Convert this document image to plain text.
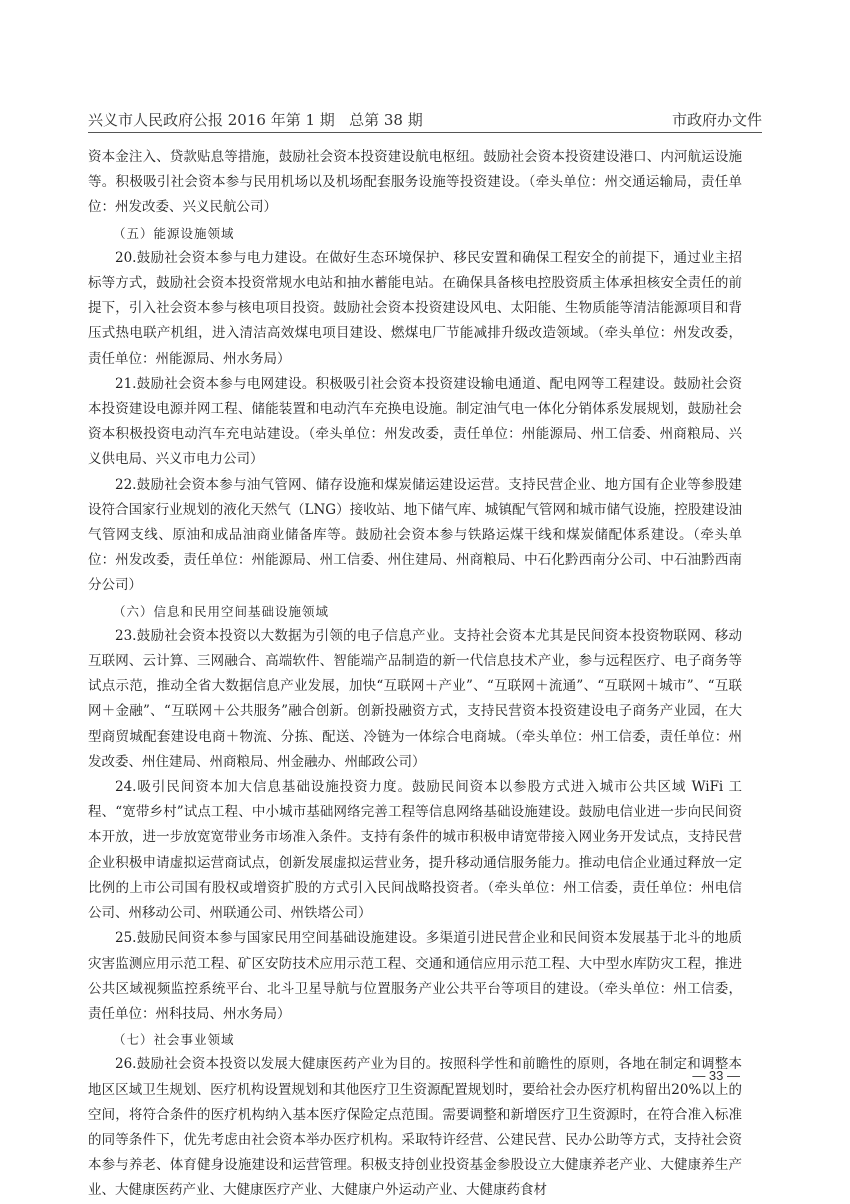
兴义市人民政府公报 2016 年第 1 期   总第 38 期	市政府办文件

资本金注入、贷款贴息等措施，鼓励社会资本投资建设航电枢纽。鼓励社会资本投资建设港口、内河航运设施等。积极吸引社会资本参与民用机场以及机场配套服务设施等投资建设。（牵头单位：州交通运输局，责任单位：州发改委、兴义民航公司）

（五）能源设施领域

20.鼓励社会资本参与电力建设。在做好生态环境保护、移民安置和确保工程安全的前提下，通过业主招标等方式，鼓励社会资本投资常规水电站和抽水蓄能电站。在确保具备核电控股资质主体承担核安全责任的前提下，引入社会资本参与核电项目投资。鼓励社会资本投资建设风电、太阳能、生物质能等清洁能源项目和背压式热电联产机组，进入清洁高效煤电项目建设、燃煤电厂节能减排升级改造领域。（牵头单位：州发改委，责任单位：州能源局、州水务局）

21.鼓励社会资本参与电网建设。积极吸引社会资本投资建设输电通道、配电网等工程建设。鼓励社会资本投资建设电源并网工程、储能装置和电动汽车充换电设施。制定油气电一体化分销体系发展规划，鼓励社会资本积极投资电动汽车充电站建设。（牵头单位：州发改委，责任单位：州能源局、州工信委、州商粮局、兴义供电局、兴义市电力公司）

22.鼓励社会资本参与油气管网、储存设施和煤炭储运建设运营。支持民营企业、地方国有企业等参股建设符合国家行业规划的液化天然气（LNG）接收站、地下储气库、城镇配气管网和城市储气设施，控股建设油气管网支线、原油和成品油商业储备库等。鼓励社会资本参与铁路运煤干线和煤炭储配体系建设。（牵头单位：州发改委，责任单位：州能源局、州工信委、州住建局、州商粮局、中石化黔西南分公司、中石油黔西南分公司）

（六）信息和民用空间基础设施领域

23.鼓励社会资本投资以大数据为引领的电子信息产业。支持社会资本尤其是民间资本投资物联网、移动互联网、云计算、三网融合、高端软件、智能端产品制造的新一代信息技术产业，参与远程医疗、电子商务等试点示范，推动全省大数据信息产业发展，加快“互联网＋产业”、“互联网＋流通”、“互联网＋城市”、“互联网＋金融”、“互联网＋公共服务”融合创新。创新投融资方式，支持民营资本投资建设电子商务产业园，在大型商贸城配套建设电商＋物流、分拣、配送、冷链为一体综合电商城。（牵头单位：州工信委，责任单位：州发改委、州住建局、州商粮局、州金融办、州邮政公司）

24.吸引民间资本加大信息基础设施投资力度。鼓励民间资本以参股方式进入城市公共区域 WiFi 工程、“宽带乡村”试点工程、中小城市基础网络完善工程等信息网络基础设施建设。鼓励电信业进一步向民间资本开放，进一步放宽宽带业务市场准入条件。支持有条件的城市积极申请宽带接入网业务开发试点，支持民营企业积极申请虚拟运营商试点，创新发展虚拟运营业务，提升移动通信服务能力。推动电信企业通过释放一定比例的上市公司国有股权或增资扩股的方式引入民间战略投资者。（牵头单位：州工信委，责任单位：州电信公司、州移动公司、州联通公司、州铁塔公司）

25.鼓励民间资本参与国家民用空间基础设施建设。多渠道引进民营企业和民间资本发展基于北斗的地质灾害监测应用示范工程、矿区安防技术应用示范工程、交通和通信应用示范工程、大中型水库防灾工程，推进公共区域视频监控系统平台、北斗卫星导航与位置服务产业公共平台等项目的建设。（牵头单位：州工信委，责任单位：州科技局、州水务局）

（七）社会事业领域

26.鼓励社会资本投资以发展大健康医药产业为目的。按照科学性和前瞻性的原则，各地在制定和调整本地区区域卫生规划、医疗机构设置规划和其他医疗卫生资源配置规划时，要给社会办医疗机构留出20%以上的空间，将符合条件的医疗机构纳入基本医疗保险定点范围。需要调整和新增医疗卫生资源时，在符合准入标准的同等条件下，优先考虑由社会资本举办医疗机构。采取特许经营、公建民营、民办公助等方式，支持社会资本参与养老、体育健身设施建设和运营管理。积极支持创业投资基金参股设立大健康养老产业、大健康养生产业、大健康医药产业、大健康医疗产业、大健康户外运动产业、大健康药食材

— 33 —
